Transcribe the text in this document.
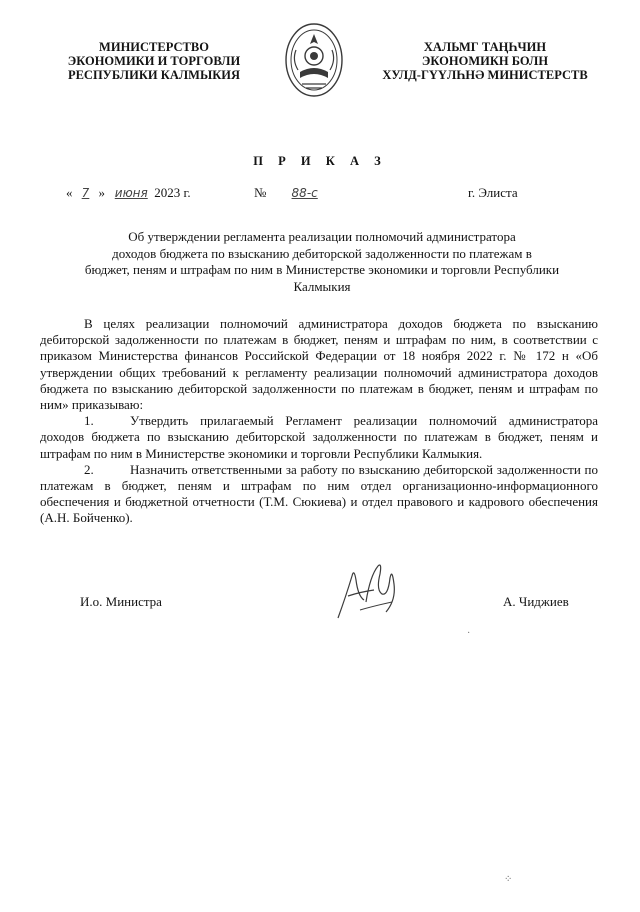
МИНИСТЕРСТВО
ЭКОНОМИКИ И ТОРГОВЛИ
РЕСПУБЛИКИ КАЛМЫКИЯ
ХАЛЬМГ ТАҢҺЧИН
ЭКОНОМИКН БОЛН
ХУЛД-ГҮҮЛҺНӘ МИНИСТЕРСТВ
П Р И К А З
« 7 » июня 2023 г.	№ 88-с	г. Элиста
Об утверждении регламента реализации полномочий администратора
доходов бюджета по взысканию дебиторской задолженности по платежам в
бюджет, пеням и штрафам по ним в Министерстве экономики и торговли Республики
Калмыкия

В целях реализации полномочий администратора доходов бюджета по взысканию дебиторской задолженности по платежам в бюджет, пеням и штрафам по ним, в соответствии с приказом Министерства финансов Российской Федерации от 18 ноября 2022 г. № 172 н «Об утверждении общих требований к регламенту реализации полномочий администратора доходов бюджета по взысканию дебиторской задолженности по платежам в бюджет, пеням и штрафам по ним» приказываю:

1.	Утвердить прилагаемый Регламент реализации полномочий администратора доходов бюджета по взысканию дебиторской задолженности по платежам в бюджет, пеням и штрафам по ним в Министерстве экономики и торговли Республики Калмыкия.

2.	Назначить ответственными за работу по взысканию дебиторской задолженности по платежам в бюджет, пеням и штрафам по ним отдел организационно-информационного обеспечения и бюджетной отчетности (Т.М. Сюкиева) и отдел правового и кадрового обеспечения (А.Н. Бойченко).

И.о. Министра	А. Чиджиев
·
⁘
